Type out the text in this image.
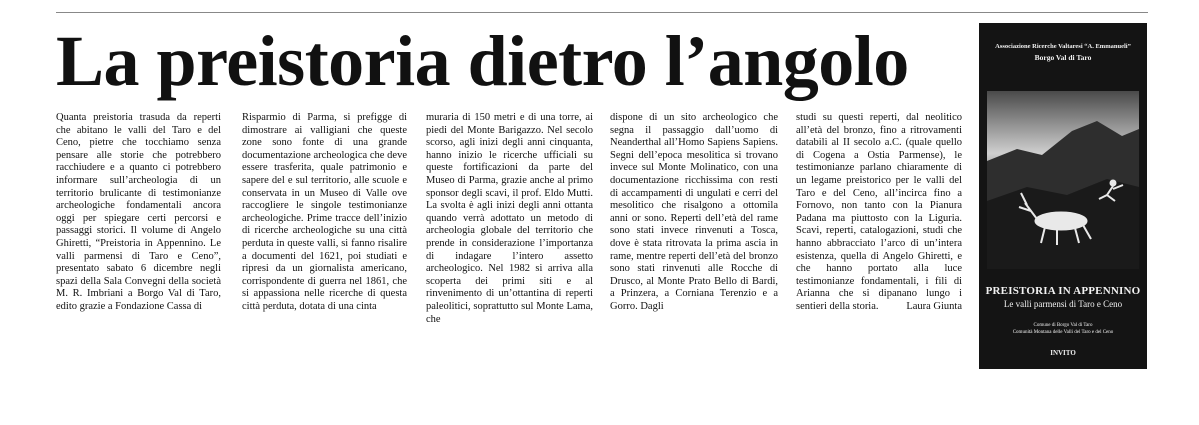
La preistoria dietro l’angolo

Quanta preistoria trasuda da reperti che abitano le valli del Taro e del Ceno, pietre che tocchiamo senza pensare alle storie che potrebbero racchiudere e a quanto ci potrebbero informare sull’archeologia di un territorio brulicante di testimonianze archeologiche fondamentali ancora oggi per spiegare certi percorsi e passaggi storici. Il volume di Angelo Ghiretti, “Preistoria in Appennino. Le valli parmensi di Taro e Ceno”, presentato sabato 6 dicembre negli spazi della Sala Convegni della società M. R. Imbriani a Borgo Val di Taro, edito grazie a Fondazione Cassa di

Risparmio di Parma, si prefigge di dimostrare ai valligiani che queste zone sono fonte di una grande documentazione archeologica che deve essere trasferita, quale patrimonio e sapere del e sul territorio, alle scuole e conservata in un Museo di Valle ove raccogliere le singole testimonianze archeologiche. Prime tracce dell’inizio di ricerche archeologiche su una città perduta in queste valli, si fanno risalire a documenti del 1621, poi studiati e ripresi da un giornalista americano, corrispondente di guerra nel 1861, che si appassiona nelle ricerche di questa città perduta, dotata di una cinta

muraria di 150 metri e di una torre, ai piedi del Monte Barigazzo. Nel secolo scorso, agli inizi degli anni cinquanta, hanno inizio le ricerche ufficiali su queste fortificazioni da parte del Museo di Parma, grazie anche al primo sponsor degli scavi, il prof. Eldo Mutti. La svolta è agli inizi degli anni ottanta quando verrà adottato un metodo di archeologia globale del territorio che prende in considerazione l’importanza di indagare l’intero assetto archeologico. Nel 1982 si arriva alla scoperta dei primi siti e al rinvenimento di un’ottantina di reperti paleolitici, soprattutto sul Monte Lama, che

dispone di un sito archeologico che segna il passaggio dall’uomo di Neanderthal all’Homo Sapiens Sapiens. Segni dell’epoca mesolitica si trovano invece sul Monte Molinatico, con una documentazione ricchissima con resti di accampamenti di ungulati e cerri del mesolitico che risalgono a ottomila anni or sono. Reperti dell’età del rame sono stati invece rinvenuti a Tosca, dove è stata ritrovata la prima ascia in rame, mentre reperti dell’età del bronzo sono stati rinvenuti alle Rocche di Drusco, al Monte Prato Bello di Bardi, a Prinzera, a Corniana Terenzio e a Gorro. Dagli

studi su questi reperti, dal neolitico all’età del bronzo, fino a ritrovamenti databili al II secolo a.C. (quale quello di Cogena a Ostia Parmense), le testimonianze parlano chiaramente di un legame preistorico per le valli del Taro e del Ceno, all’incirca fino a Fornovo, non tanto con la Pianura Padana ma piuttosto con la Liguria. Scavi, reperti, catalogazioni, studi che hanno abbracciato l’arco di un’intera esistenza, quella di Angelo Ghiretti, e che hanno portato alla luce testimonianze fondamentali, i fili di Arianna che si dipanano lungo i sentieri della storia.	Laura Giunta

Associazione Ricerche Valtaresi “A. Emmanueli”

Borgo Val di Taro

PREISTORIA IN APPENNINO

Le valli parmensi di Taro e Ceno

Comune di Borgo Val di Taro
Comunità Montana delle Valli del Taro e del Ceno

INVITO
